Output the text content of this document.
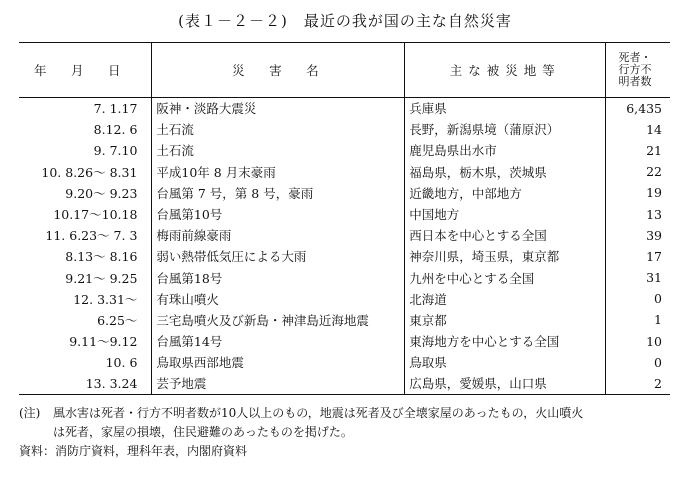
(表１－２－２)　最近の我が国の主な自然災害
年　月　日	災　害　名	主な被災地等	死者・
行方不
明者数

7. 1.17	阪神・淡路大震災	兵庫県	6,435
8.12. 6	土石流	長野，新潟県境（蒲原沢）	14
9. 7.10	土石流	鹿児島県出水市	21
10. 8.26～ 8.31	平成10年 8 月末豪雨	福島県，栃木県，茨城県	22
9.20～ 9.23	台風第 7 号，第 8 号，豪雨	近畿地方，中部地方	19
10.17～10.18	台風第10号	中国地方	13
11. 6.23～ 7. 3	梅雨前線豪雨	西日本を中心とする全国	39
8.13～ 8.16	弱い熱帯低気圧による大雨	神奈川県，埼玉県，東京都	17
9.21～ 9.25	台風第18号	九州を中心とする全国	31
12. 3.31～	有珠山噴火	北海道	0
6.25～	三宅島噴火及び新島・神津島近海地震	東京都	1
9.11～9.12	台風第14号	東海地方を中心とする全国	10
10. 6	鳥取県西部地震	鳥取県	0
13. 3.24	芸予地震	広島県，愛媛県，山口県	2
(注)	風水害は死者・行方不明者数が10人以上のもの，地震は死者及び全壊家屋のあったもの，火山噴火
は死者，家屋の損壊，住民避難のあったものを掲げた。
資料：消防庁資料，理科年表，内閣府資料
